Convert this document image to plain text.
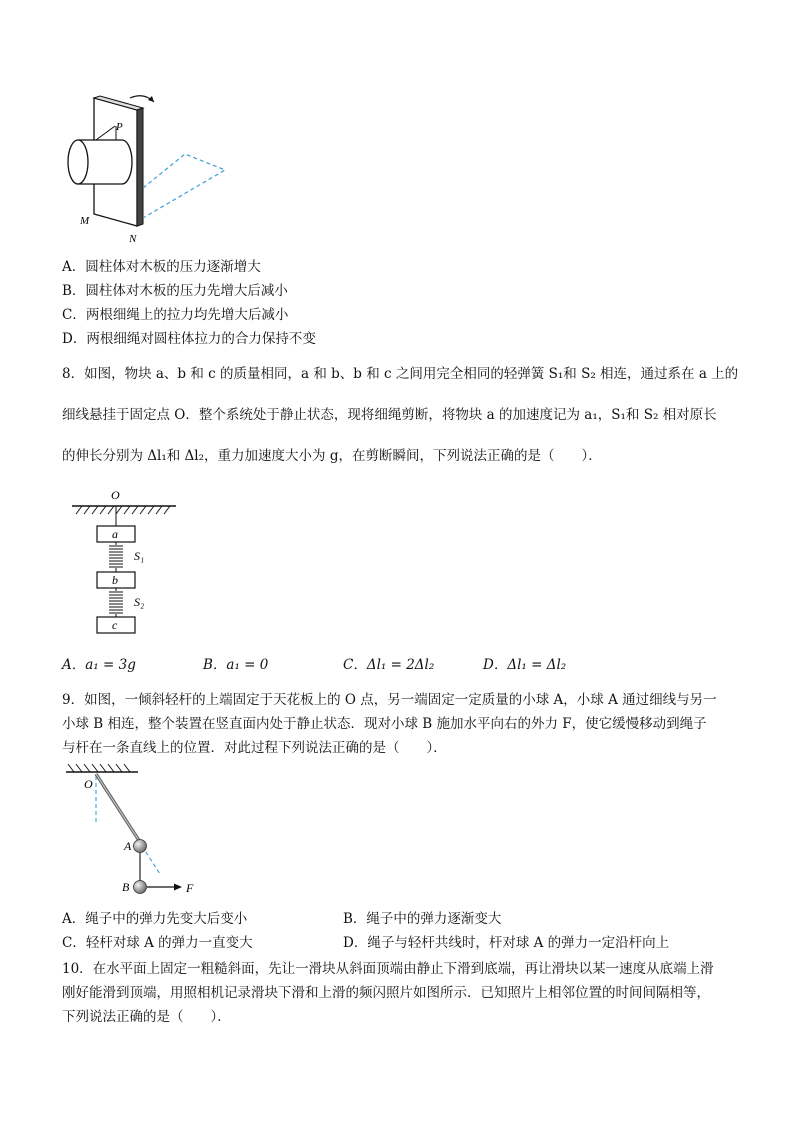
P
M
N
A．圆柱体对木板的压力逐渐增大
B．圆柱体对木板的压力先增大后减小
C．两根细绳上的拉力均先增大后减小
D．两根细绳对圆柱体拉力的合力保持不变
8．如图，物块 a、b 和 c 的质量相同，a 和 b、b 和 c 之间用完全相同的轻弹簧 S₁和 S₂ 相连，通过系在 a 上的
细线悬挂于固定点 O．整个系统处于静止状态，现将细绳剪断，将物块 a 的加速度记为 a₁，S₁和 S₂ 相对原长
的伸长分别为 Δl₁和 Δl₂，重力加速度大小为 g，在剪断瞬间，下列说法正确的是（　　）．
O
a
b
c
S₁
S₂
A．a₁ = 3g	B．a₁ = 0	C．Δl₁ = 2Δl₂	D．Δl₁ = Δl₂
9．如图，一倾斜轻杆的上端固定于天花板上的 O 点，另一端固定一定质量的小球 A，小球 A 通过细线与另一
小球 B 相连，整个装置在竖直面内处于静止状态．现对小球 B 施加水平向右的外力 F，使它缓慢移动到绳子
与杆在一条直线上的位置．对此过程下列说法正确的是（　　）．
O
A
B	F
A．绳子中的弹力先变大后变小	B．绳子中的弹力逐渐变大
C．轻杆对球 A 的弹力一直变大	D．绳子与轻杆共线时，杆对球 A 的弹力一定沿杆向上
10．在水平面上固定一粗糙斜面，先让一滑块从斜面顶端由静止下滑到底端，再让滑块以某一速度从底端上滑
刚好能滑到顶端，用照相机记录滑块下滑和上滑的频闪照片如图所示．已知照片上相邻位置的时间间隔相等，
下列说法正确的是（　　）．
